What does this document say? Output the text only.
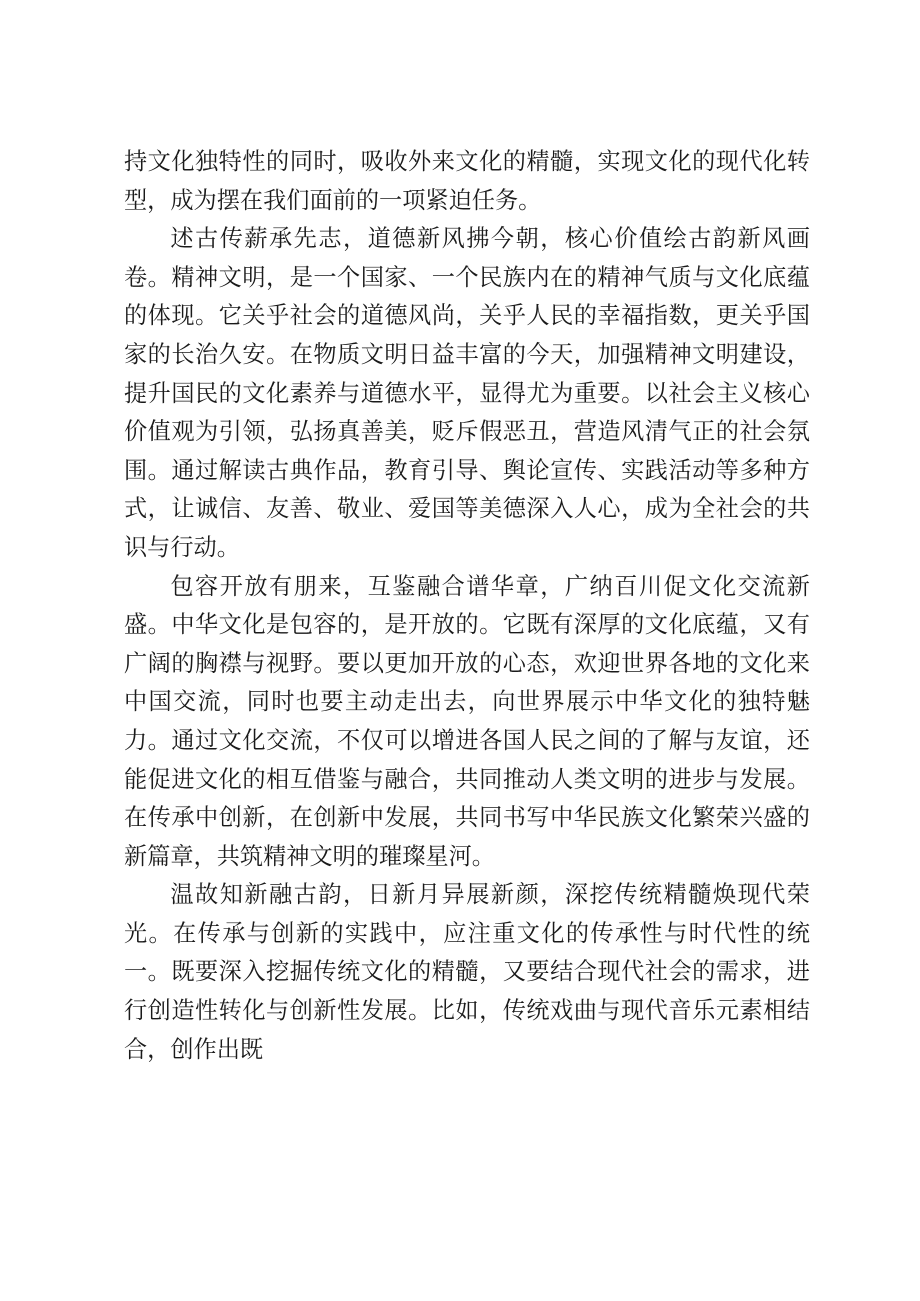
持文化独特性的同时，吸收外来文化的精髓，实现文化的现代化转型，成为摆在我们面前的一项紧迫任务。

述古传薪承先志，道德新风拂今朝，核心价值绘古韵新风画卷。精神文明，是一个国家、一个民族内在的精神气质与文化底蕴的体现。它关乎社会的道德风尚，关乎人民的幸福指数，更关乎国家的长治久安。在物质文明日益丰富的今天，加强精神文明建设，提升国民的文化素养与道德水平，显得尤为重要。以社会主义核心价值观为引领，弘扬真善美，贬斥假恶丑，营造风清气正的社会氛围。通过解读古典作品，教育引导、舆论宣传、实践活动等多种方式，让诚信、友善、敬业、爱国等美德深入人心，成为全社会的共识与行动。

包容开放有朋来，互鉴融合谱华章，广纳百川促文化交流新盛。中华文化是包容的，是开放的。它既有深厚的文化底蕴，又有广阔的胸襟与视野。要以更加开放的心态，欢迎世界各地的文化来中国交流，同时也要主动走出去，向世界展示中华文化的独特魅力。通过文化交流，不仅可以增进各国人民之间的了解与友谊，还能促进文化的相互借鉴与融合，共同推动人类文明的进步与发展。在传承中创新，在创新中发展，共同书写中华民族文化繁荣兴盛的新篇章，共筑精神文明的璀璨星河。

温故知新融古韵，日新月异展新颜，深挖传统精髓焕现代荣光。在传承与创新的实践中，应注重文化的传承性与时代性的统一。既要深入挖掘传统文化的精髓，又要结合现代社会的需求，进行创造性转化与创新性发展。比如，传统戏曲与现代音乐元素相结合，创作出既
